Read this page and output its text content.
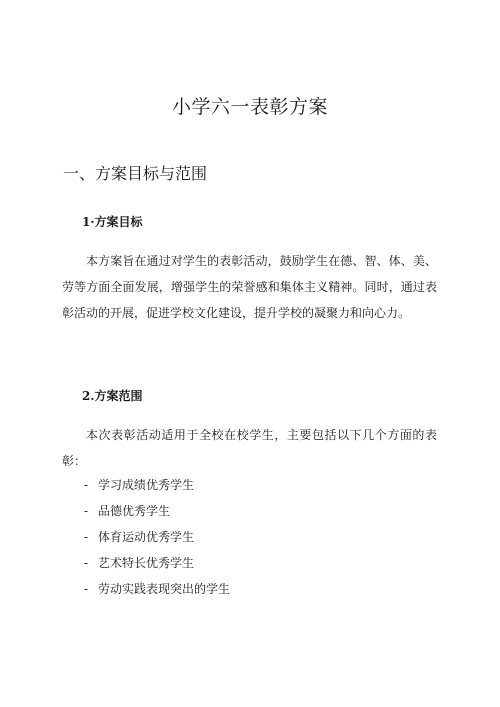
小学六一表彰方案
一、方案目标与范围
1·方案目标

本方案旨在通过对学生的表彰活动，鼓励学生在德、智、体、美、劳等方面全面发展，增强学生的荣誉感和集体主义精神。同时，通过表彰活动的开展，促进学校文化建设，提升学校的凝聚力和向心力。

2.方案范围

本次表彰活动适用于全校在校学生，主要包括以下几个方面的表彰：

- 学习成绩优秀学生
- 品德优秀学生
- 体育运动优秀学生
- 艺术特长优秀学生
- 劳动实践表现突出的学生
